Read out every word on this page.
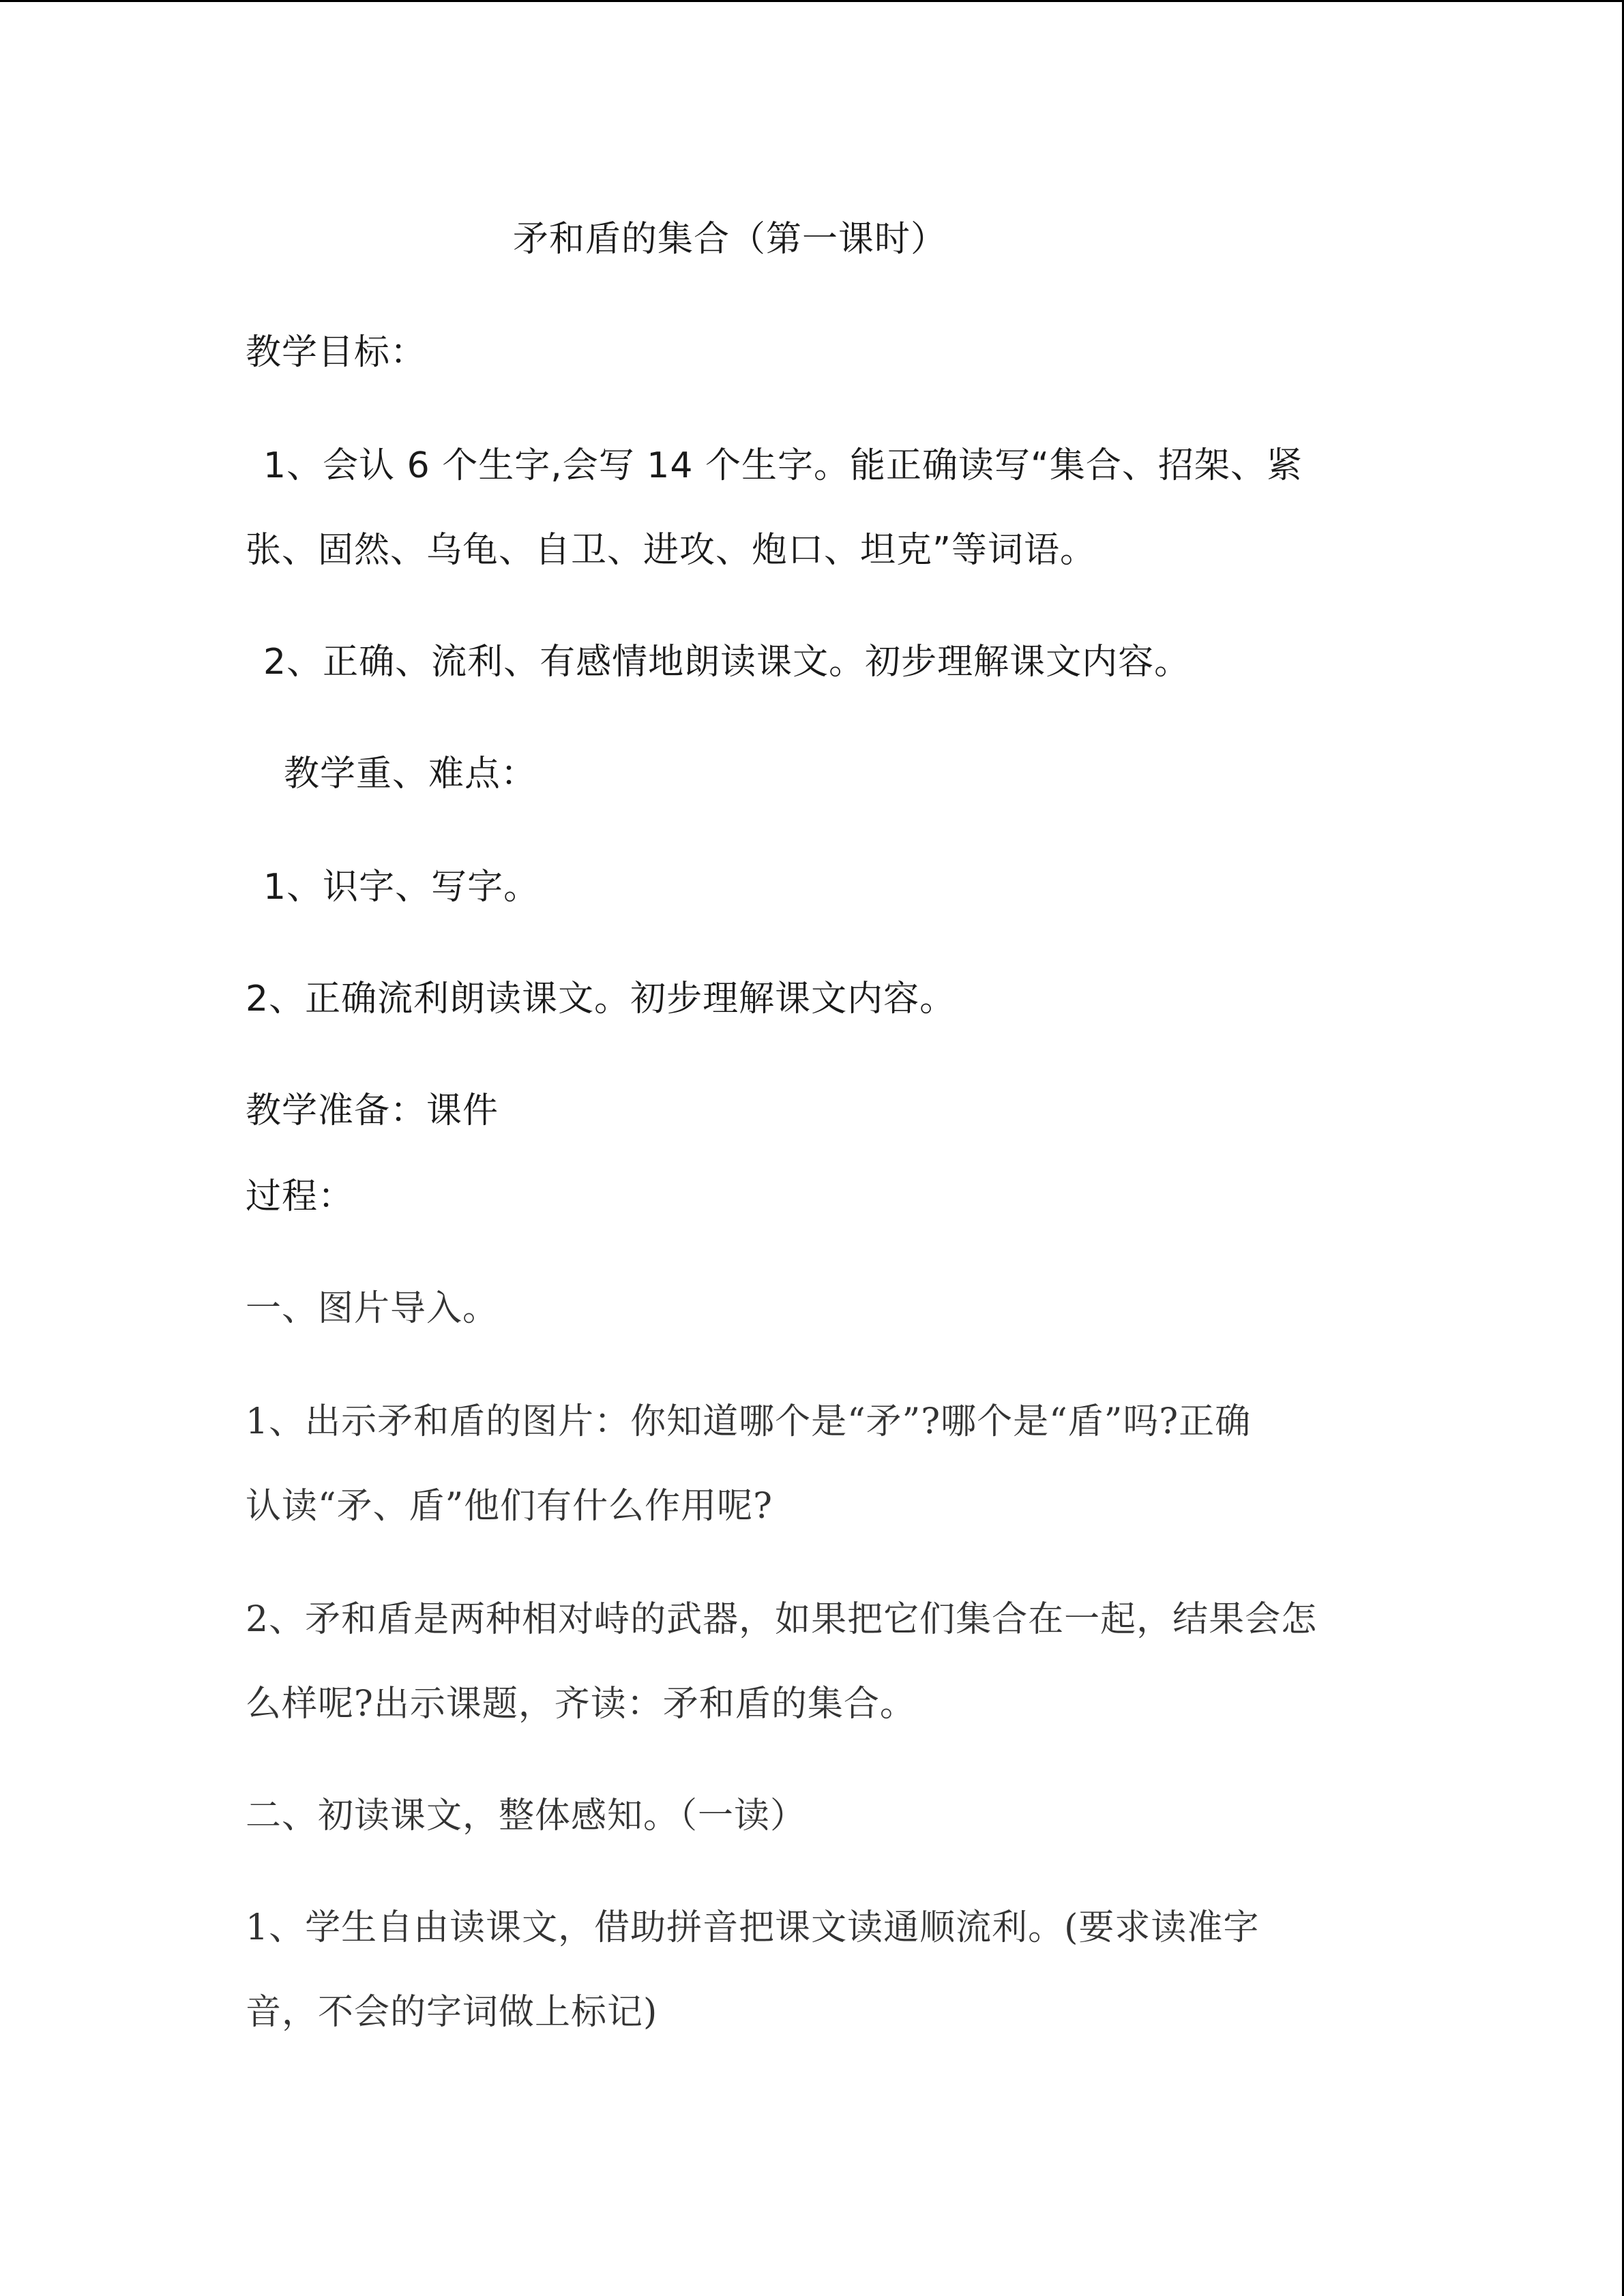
矛和盾的集合（第一课时）
教学目标：
1、会认 6 个生字,会写 14 个生字。能正确读写“集合、招架、紧
张、固然、乌龟、自卫、进攻、炮口、坦克”等词语。
2、正确、流利、有感情地朗读课文。初步理解课文内容。
教学重、难点：
1、识字、写字。
2、正确流利朗读课文。初步理解课文内容。
教学准备：课件
过程：
一、图片导入。
1、出示矛和盾的图片：你知道哪个是“矛”?哪个是“盾”吗?正确
认读“矛、盾”他们有什么作用呢?
2、矛和盾是两种相对峙的武器，如果把它们集合在一起，结果会怎
么样呢?出示课题，齐读：矛和盾的集合。
二、初读课文，整体感知。（一读）
1、学生自由读课文，借助拼音把课文读通顺流利。(要求读准字
音，不会的字词做上标记)
